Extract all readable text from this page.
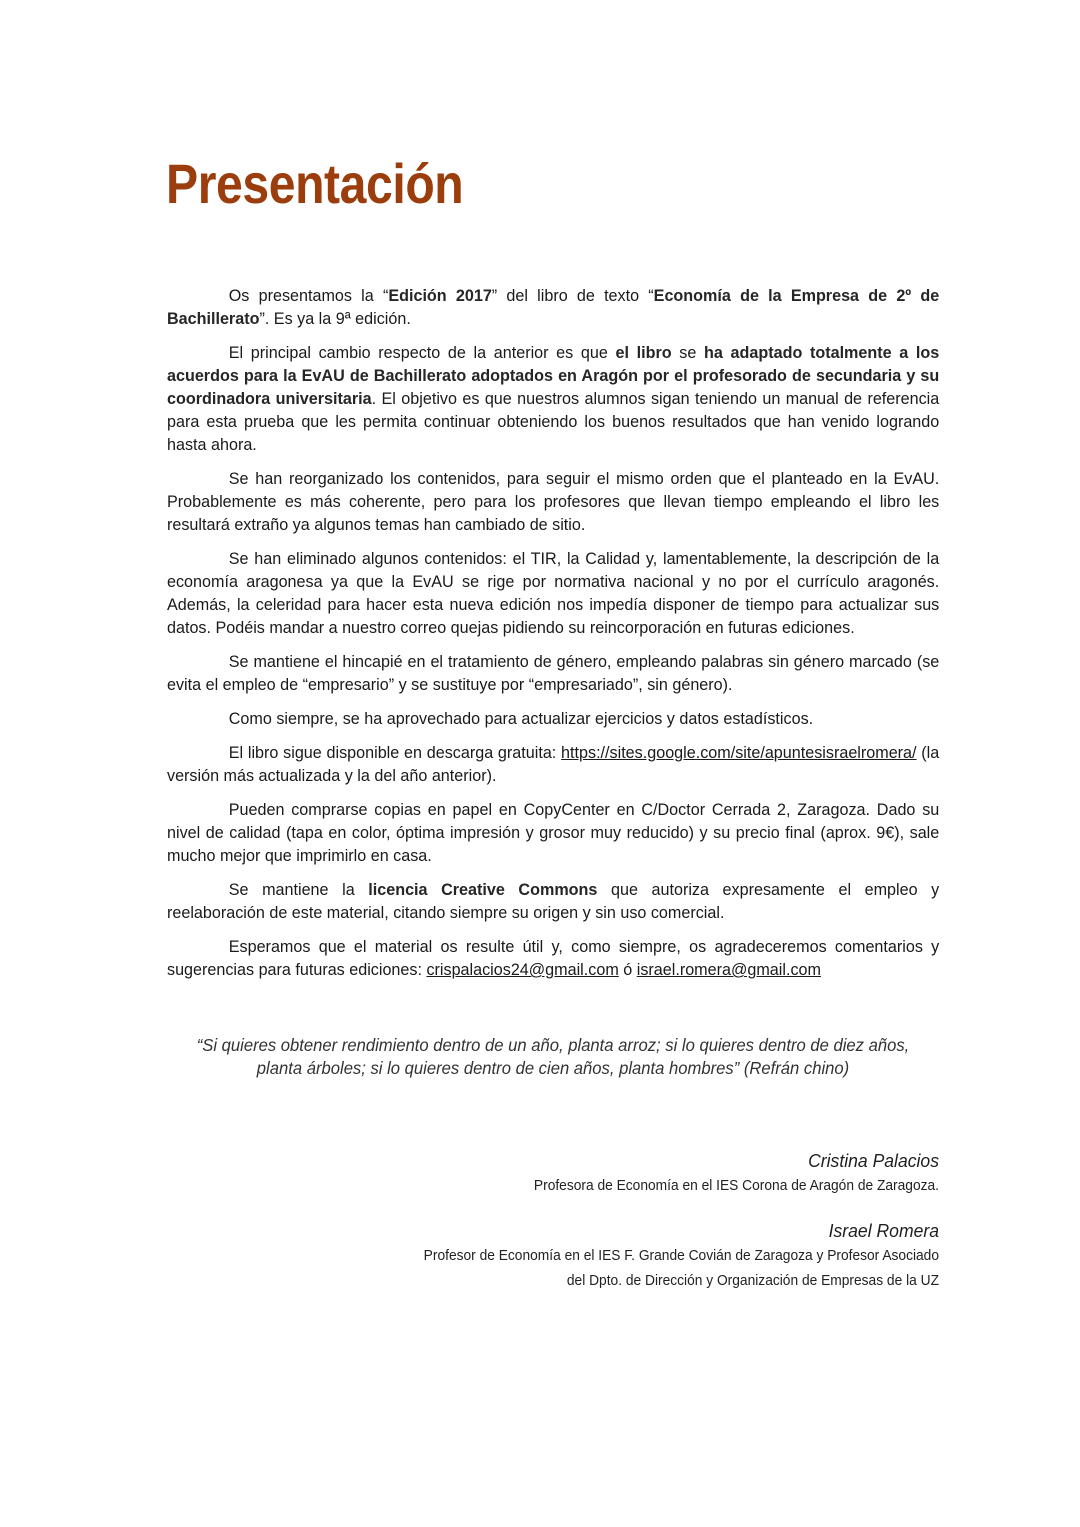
Presentación

Os presentamos la “Edición 2017” del libro de texto “Economía de la Empresa de 2º de Bachillerato”. Es ya la 9ª edición.

El principal cambio respecto de la anterior es que el libro se ha adaptado totalmente a los acuerdos para la EvAU de Bachillerato adoptados en Aragón por el profesorado de secundaria y su coordinadora universitaria. El objetivo es que nuestros alumnos sigan teniendo un manual de referencia para esta prueba que les permita continuar obteniendo los buenos resultados que han venido logrando hasta ahora.

Se han reorganizado los contenidos, para seguir el mismo orden que el planteado en la EvAU. Probablemente es más coherente, pero para los profesores que llevan tiempo empleando el libro les resultará extraño ya algunos temas han cambiado de sitio.

Se han eliminado algunos contenidos: el TIR, la Calidad y, lamentablemente, la descripción de la economía aragonesa ya que la EvAU se rige por normativa nacional y no por el currículo aragonés. Además, la celeridad para hacer esta nueva edición nos impedía disponer de tiempo para actualizar sus datos. Podéis mandar a nuestro correo quejas pidiendo su reincorporación en futuras ediciones.

Se mantiene el hincapié en el tratamiento de género, empleando palabras sin género marcado (se evita el empleo de “empresario” y se sustituye por “empresariado”, sin género).

Como siempre, se ha aprovechado para actualizar ejercicios y datos estadísticos.

El libro sigue disponible en descarga gratuita: https://sites.google.com/site/apuntesisraelromera/ (la versión más actualizada y la del año anterior).

Pueden comprarse copias en papel en CopyCenter en C/Doctor Cerrada 2, Zaragoza. Dado su nivel de calidad (tapa en color, óptima impresión y grosor muy reducido) y su precio final (aprox. 9€), sale mucho mejor que imprimirlo en casa.

Se mantiene la licencia Creative Commons que autoriza expresamente el empleo y reelaboración de este material, citando siempre su origen y sin uso comercial.

Esperamos que el material os resulte útil y, como siempre, os agradeceremos comentarios y sugerencias para futuras ediciones: crispalacios24@gmail.com ó israel.romera@gmail.com

“Si quieres obtener rendimiento dentro de un año, planta arroz; si lo quieres dentro de diez años, planta árboles; si lo quieres dentro de cien años, planta hombres” (Refrán chino)

Cristina Palacios
Profesora de Economía en el IES Corona de Aragón de Zaragoza.
Israel Romera
Profesor de Economía en el IES F. Grande Covián de Zaragoza y Profesor Asociado
del Dpto. de Dirección y Organización de Empresas de la UZ
